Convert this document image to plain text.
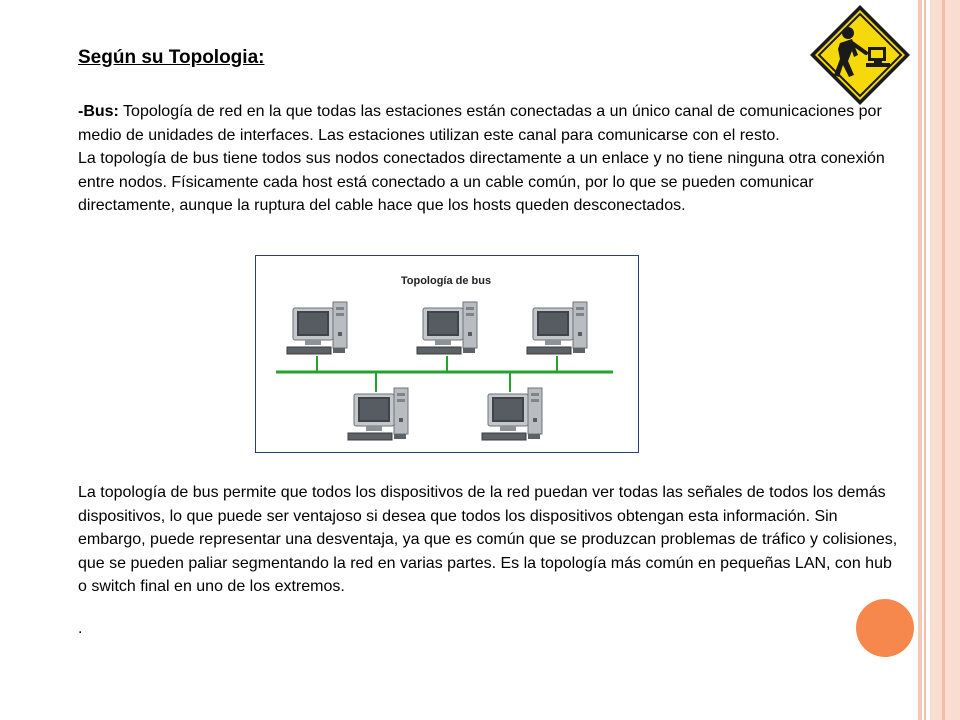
Según su Topologia:

-Bus: Topología de red en la que todas las estaciones están conectadas a un único canal de comunicaciones por medio de unidades de interfaces. Las estaciones utilizan este canal para comunicarse con el resto.
La topología de bus tiene todos sus nodos conectados directamente a un enlace y no tiene ninguna otra conexión entre nodos. Físicamente cada host está conectado a un cable común, por lo que se pueden comunicar directamente, aunque la ruptura del cable hace que los hosts queden desconectados.

Topología de bus

La topología de bus permite que todos los dispositivos de la red puedan ver todas las señales de todos los demás dispositivos, lo que puede ser ventajoso si desea que todos los dispositivos obtengan esta información. Sin embargo, puede representar una desventaja, ya que es común que se produzcan problemas de tráfico y colisiones, que se pueden paliar segmentando la red en varias partes. Es la topología más común en pequeñas LAN, con hub o switch final en uno de los extremos.

.
